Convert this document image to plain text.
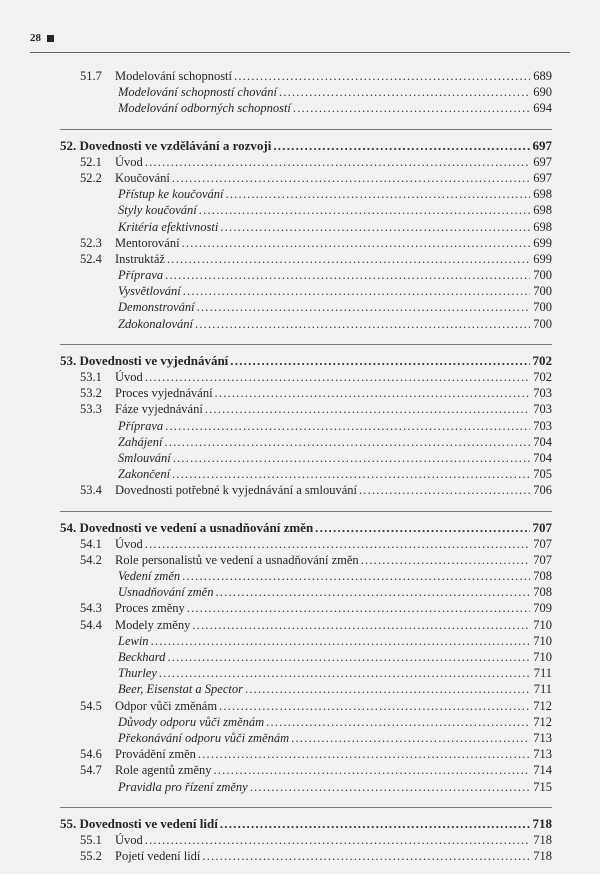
28
51.7 Modelování schopností .....	689
Modelování schopností chování .....	690
Modelování odborných schopností .....	694
52. Dovednosti ve vzdělávání a rozvoji .....	697
52.1 Úvod .....	697
52.2 Koučování .....	697
Přístup ke koučování .....	698
Styly koučování .....	698
Kritéria efektivnosti .....	698
52.3 Mentorování .....	699
52.4 Instruktáž .....	699
Příprava .....	700
Vysvětlování .....	700
Demonstrování .....	700
Zdokonalování .....	700
53. Dovednosti ve vyjednávání .....	702
53.1 Úvod .....	702
53.2 Proces vyjednávání .....	703
53.3 Fáze vyjednávání .....	703
Příprava .....	703
Zahájení .....	704
Smlouvání .....	704
Zakončení .....	705
53.4 Dovednosti potřebné k vyjednávání a smlouvání .....	706
54. Dovednosti ve vedení a usnadňování změn .....	707
54.1 Úvod .....	707
54.2 Role personalistů ve vedení a usnadňování změn .....	707
Vedení změn .....	708
Usnadňování změn .....	708
54.3 Proces změny .....	709
54.4 Modely změny .....	710
Lewin .....	710
Beckhard .....	710
Thurley .....	711
Beer, Eisenstat a Spector .....	711
54.5 Odpor vůči změnám .....	712
Důvody odporu vůči změnám .....	712
Překonávání odporu vůči změnám .....	713
54.6 Provádění změn .....	713
54.7 Role agentů změny .....	714
Pravidla pro řízení změny .....	715
55. Dovednosti ve vedení lidí .....	718
55.1 Úvod .....	718
55.2 Pojetí vedení lidí .....	718
